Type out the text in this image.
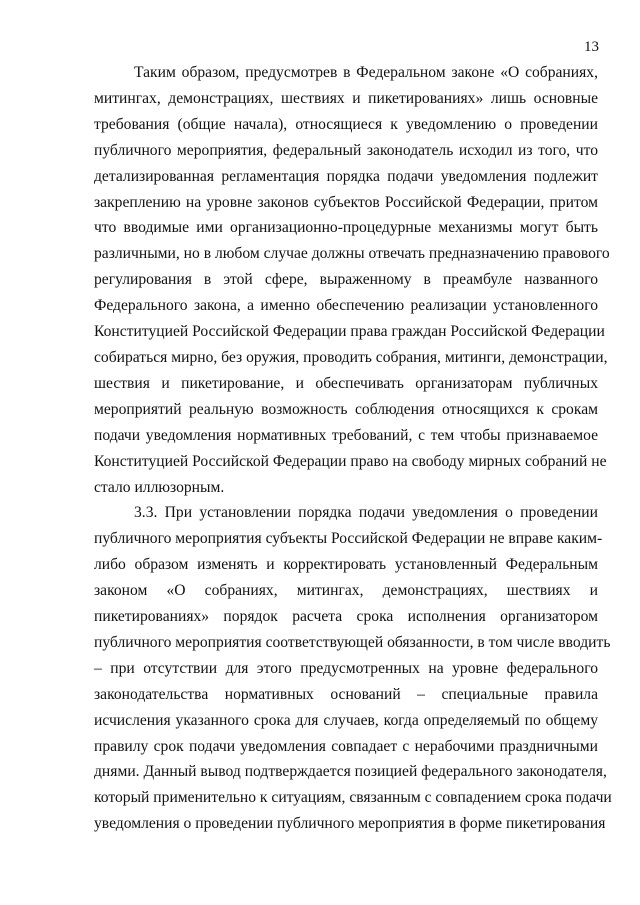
13
Таким образом, предусмотрев в Федеральном законе «О собраниях,
митингах, демонстрациях, шествиях и пикетированиях» лишь основные
требования (общие начала), относящиеся к уведомлению о проведении
публичного мероприятия, федеральный законодатель исходил из того, что
детализированная регламентация порядка подачи уведомления подлежит
закреплению на уровне законов субъектов Российской Федерации, притом
что вводимые ими организационно-процедурные механизмы могут быть
различными, но в любом случае должны отвечать предназначению правового
регулирования в этой сфере, выраженному в преамбуле названного
Федерального закона, а именно обеспечению реализации установленного
Конституцией Российской Федерации права граждан Российской Федерации
собираться мирно, без оружия, проводить собрания, митинги, демонстрации,
шествия и пикетирование, и обеспечивать организаторам публичных
мероприятий реальную возможность соблюдения относящихся к срокам
подачи уведомления нормативных требований, с тем чтобы признаваемое
Конституцией Российской Федерации право на свободу мирных собраний не
стало иллюзорным.
3.3. При установлении порядка подачи уведомления о проведении
публичного мероприятия субъекты Российской Федерации не вправе каким-
либо образом изменять и корректировать установленный Федеральным
законом «О собраниях, митингах, демонстрациях, шествиях и
пикетированиях» порядок расчета срока исполнения организатором
публичного мероприятия соответствующей обязанности, в том числе вводить
– при отсутствии для этого предусмотренных на уровне федерального
законодательства нормативных оснований – специальные правила
исчисления указанного срока для случаев, когда определяемый по общему
правилу срок подачи уведомления совпадает с нерабочими праздничными
днями. Данный вывод подтверждается позицией федерального законодателя,
который применительно к ситуациям, связанным с совпадением срока подачи
уведомления о проведении публичного мероприятия в форме пикетирования
